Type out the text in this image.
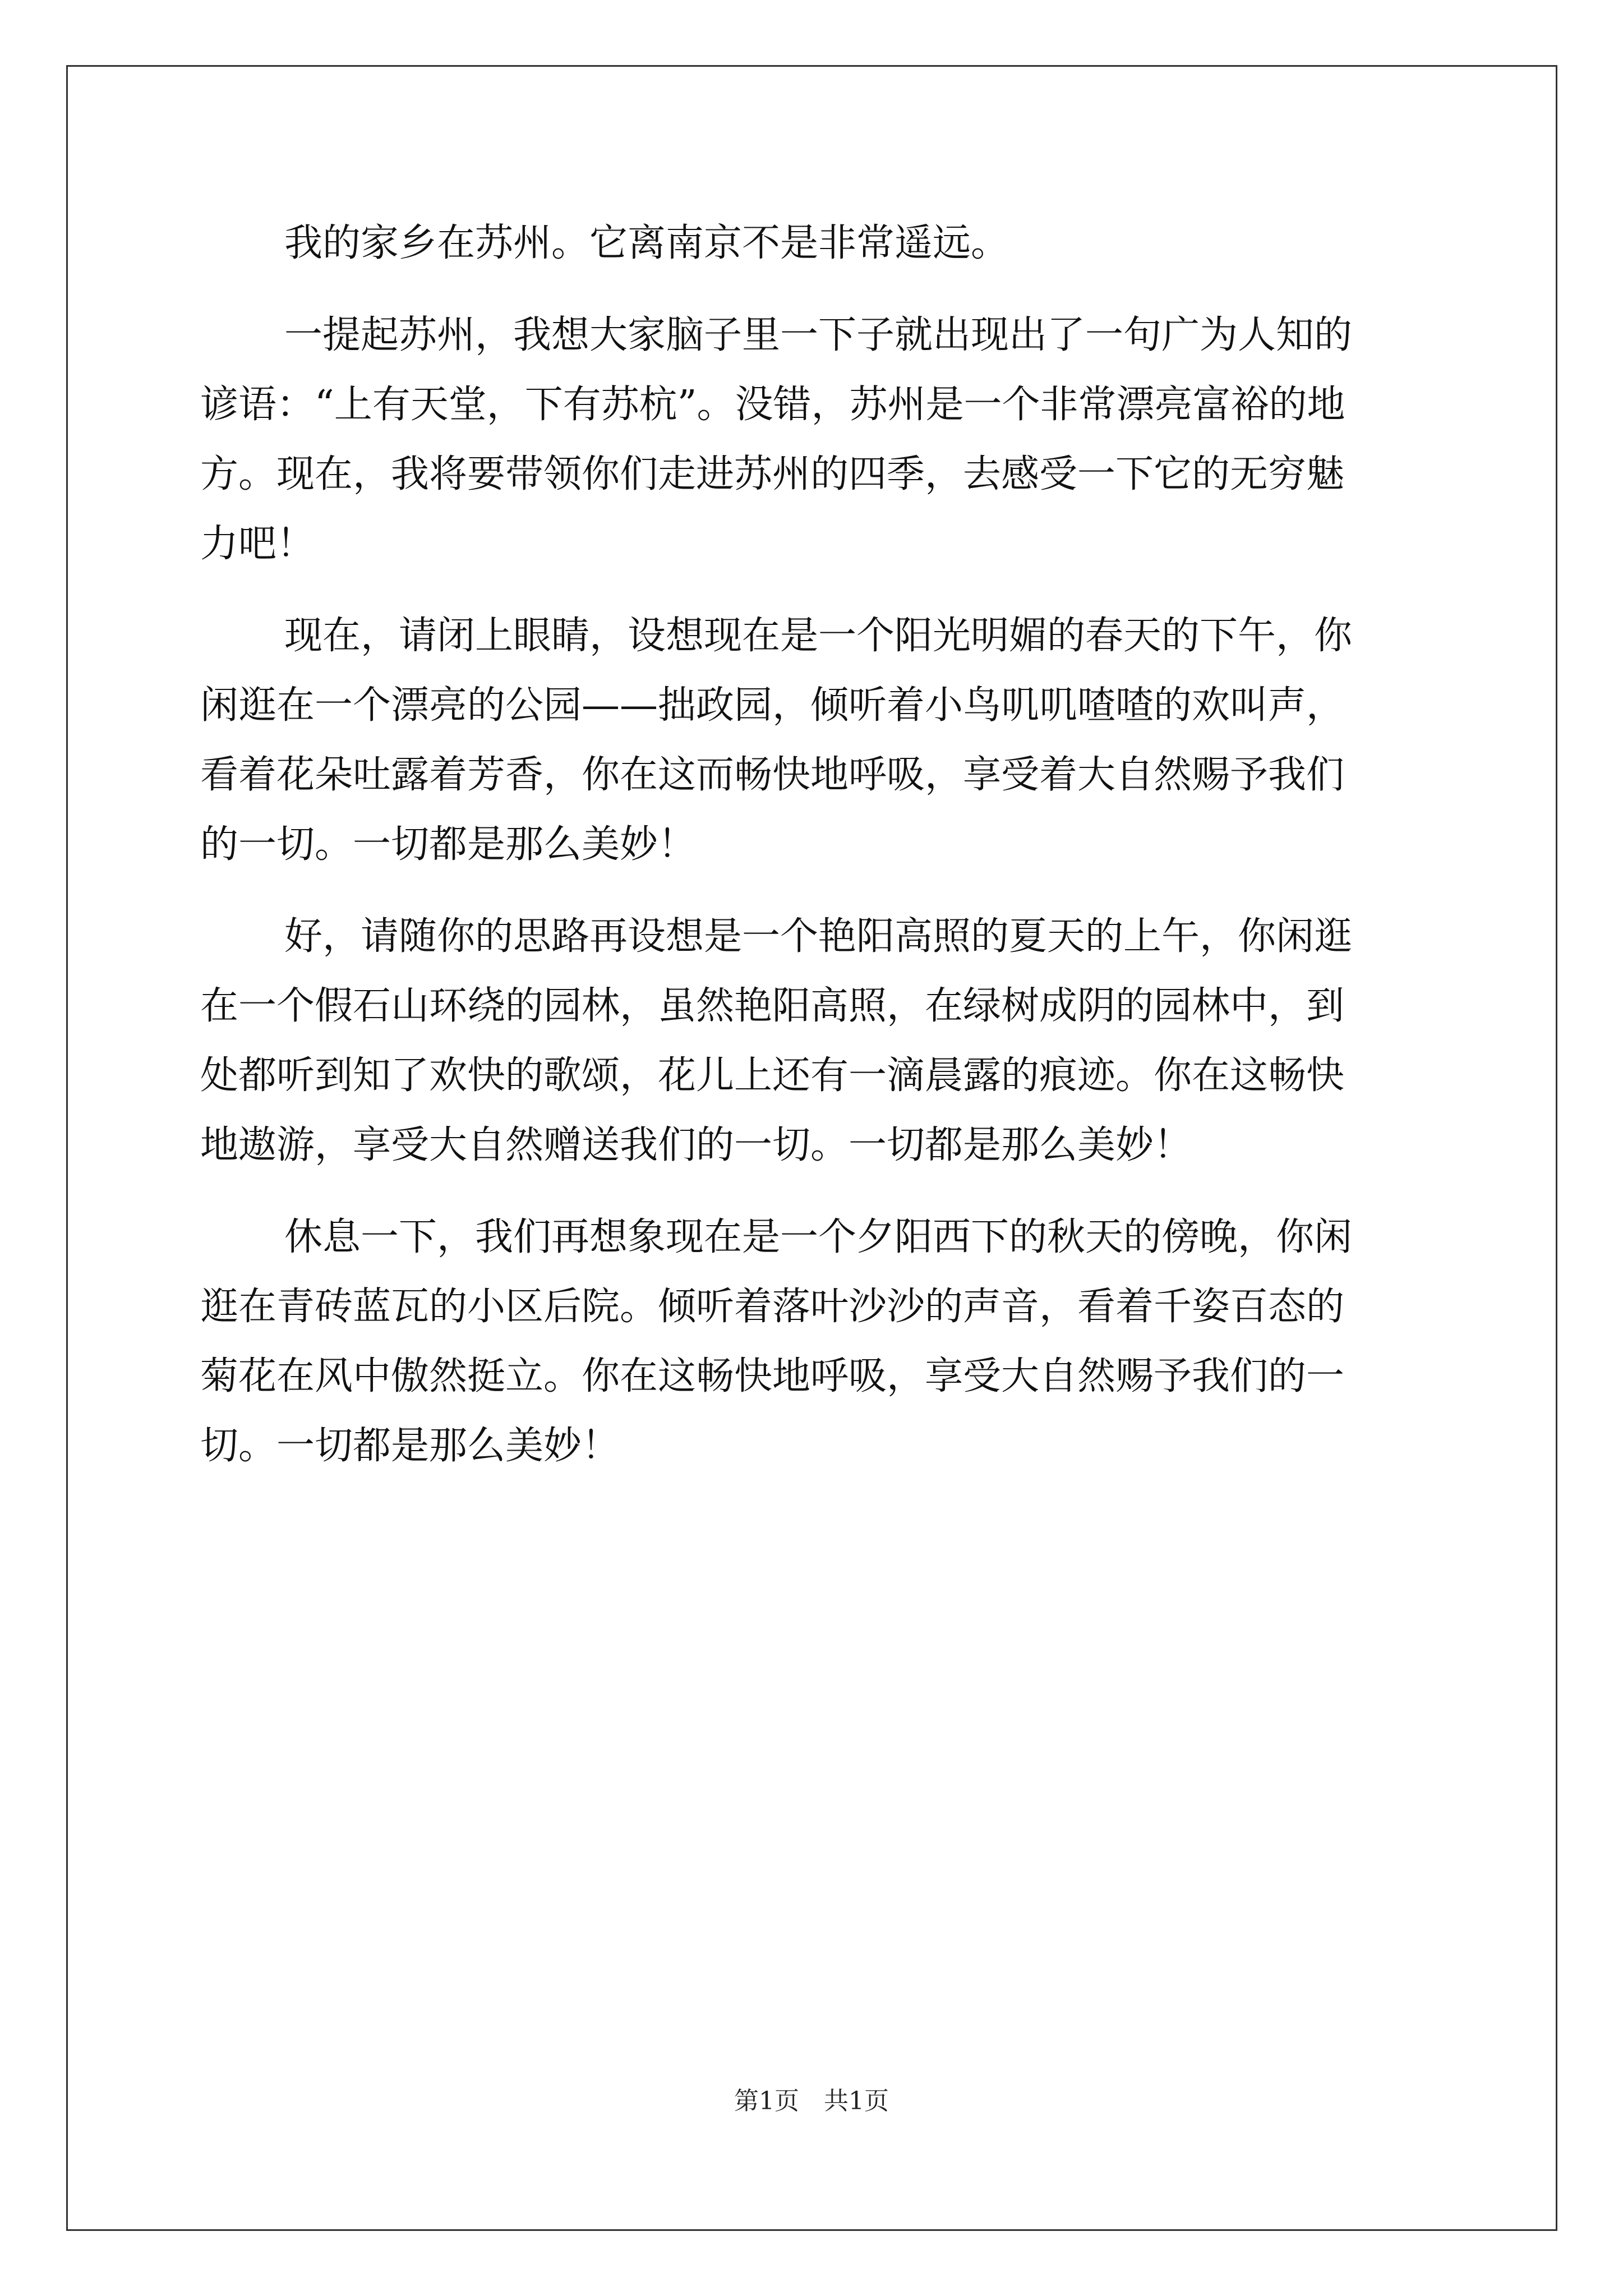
我的家乡在苏州。它离南京不是非常遥远。
一提起苏州，我想大家脑子里一下子就出现出了一句广为人知的
谚语：“上有天堂，下有苏杭”。没错，苏州是一个非常漂亮富裕的地
方。现在，我将要带领你们走进苏州的四季，去感受一下它的无穷魅
力吧！
现在，请闭上眼睛，设想现在是一个阳光明媚的春天的下午，你
闲逛在一个漂亮的公园——拙政园，倾听着小鸟叽叽喳喳的欢叫声，
看着花朵吐露着芳香，你在这而畅快地呼吸，享受着大自然赐予我们
的一切。一切都是那么美妙！
好，请随你的思路再设想是一个艳阳高照的夏天的上午，你闲逛
在一个假石山环绕的园林，虽然艳阳高照，在绿树成阴的园林中，到
处都听到知了欢快的歌颂，花儿上还有一滴晨露的痕迹。你在这畅快
地遨游，享受大自然赠送我们的一切。一切都是那么美妙！
休息一下，我们再想象现在是一个夕阳西下的秋天的傍晚，你闲
逛在青砖蓝瓦的小区后院。倾听着落叶沙沙的声音，看着千姿百态的
菊花在风中傲然挺立。你在这畅快地呼吸，享受大自然赐予我们的一
切。一切都是那么美妙！
第1页 共1页
